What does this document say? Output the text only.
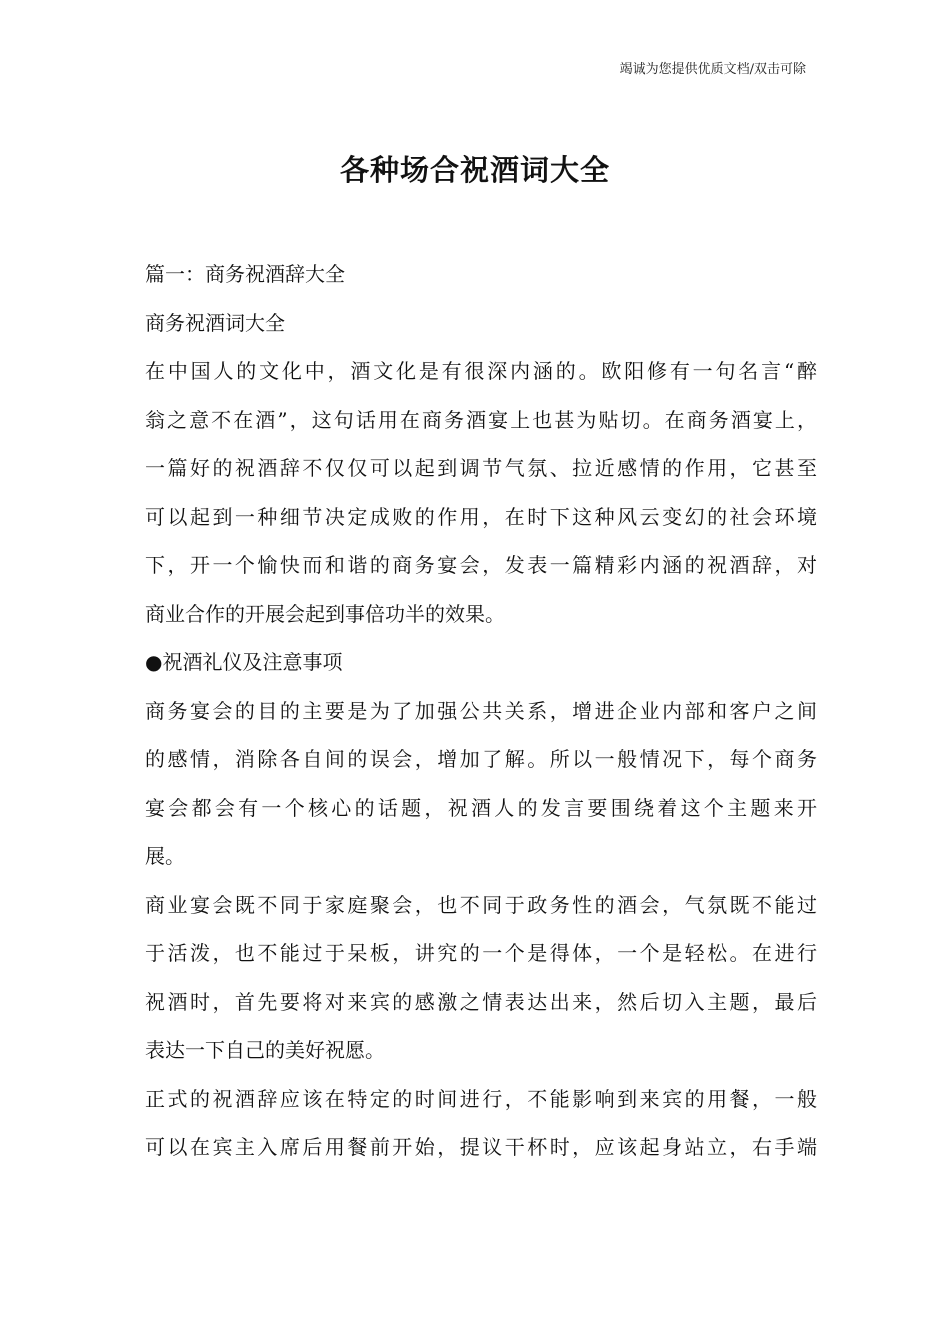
竭诚为您提供优质文档/双击可除
各种场合祝酒词大全
篇一：商务祝酒辞大全
商务祝酒词大全
在中国人的文化中，酒文化是有很深内涵的。欧阳修有一句名言“醉
翁之意不在酒”，这句话用在商务酒宴上也甚为贴切。在商务酒宴上，
一篇好的祝酒辞不仅仅可以起到调节气氛、拉近感情的作用，它甚至
可以起到一种细节决定成败的作用，在时下这种风云变幻的社会环境
下，开一个愉快而和谐的商务宴会，发表一篇精彩内涵的祝酒辞，对
商业合作的开展会起到事倍功半的效果。
●祝酒礼仪及注意事项
商务宴会的目的主要是为了加强公共关系，增进企业内部和客户之间
的感情，消除各自间的误会，增加了解。所以一般情况下，每个商务
宴会都会有一个核心的话题，祝酒人的发言要围绕着这个主题来开
展。
商业宴会既不同于家庭聚会，也不同于政务性的酒会，气氛既不能过
于活泼，也不能过于呆板，讲究的一个是得体，一个是轻松。在进行
祝酒时，首先要将对来宾的感激之情表达出来，然后切入主题，最后
表达一下自己的美好祝愿。
正式的祝酒辞应该在特定的时间进行，不能影响到来宾的用餐，一般
可以在宾主入席后用餐前开始，提议干杯时，应该起身站立，右手端
